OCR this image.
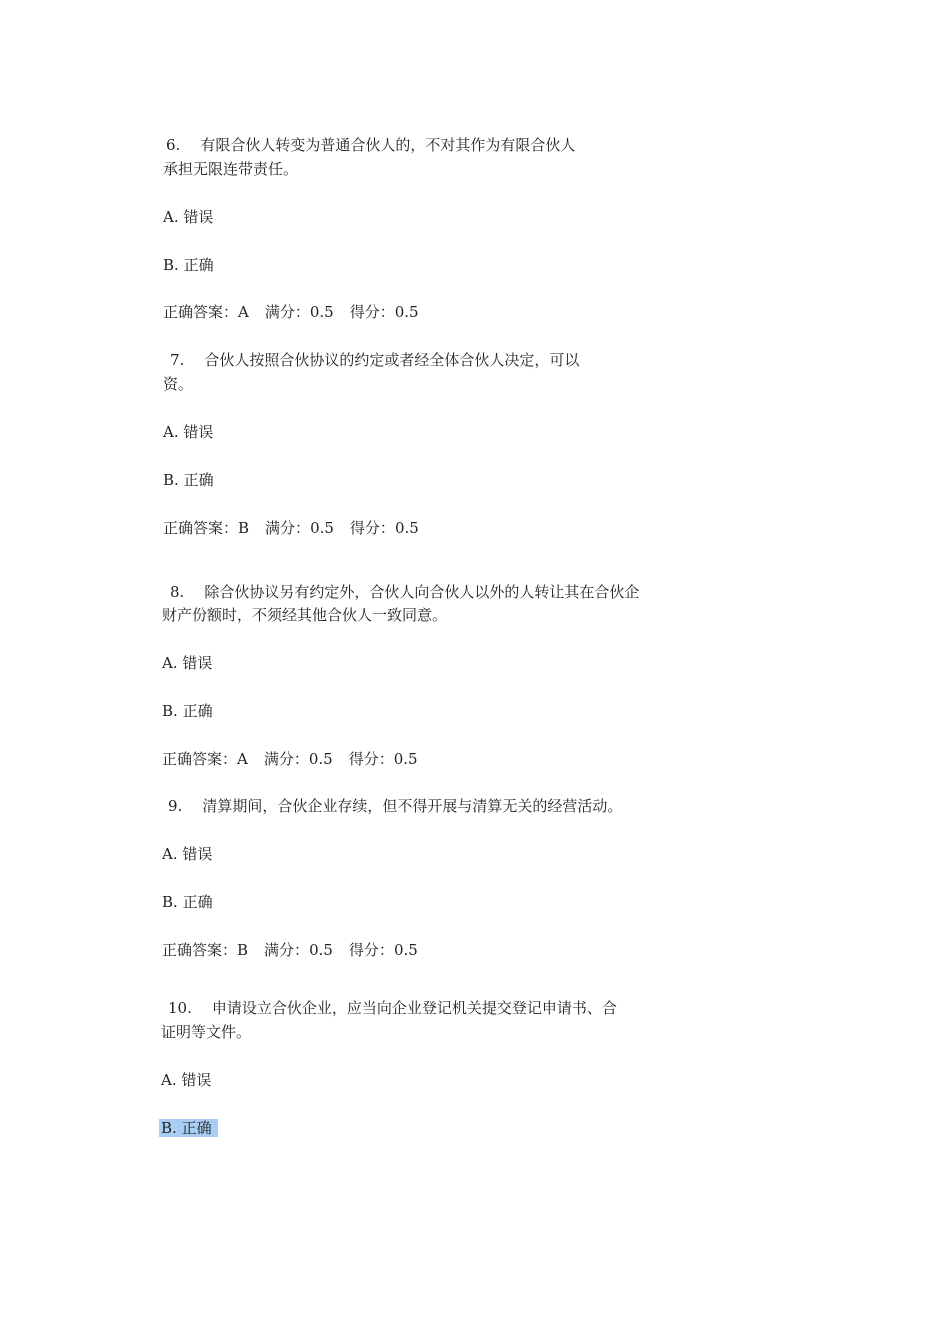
6. 有限合伙人转变为普通合伙人的，不对其作为有限合伙人
承担无限连带责任。
A. 错误
B. 正确
正确答案：A 满分：0.5 得分：0.5
7. 合伙人按照合伙协议的约定或者经全体合伙人决定，可以
资。
A. 错误
B. 正确
正确答案：B 满分：0.5 得分：0.5
8. 除合伙协议另有约定外，合伙人向合伙人以外的人转让其在合伙企
财产份额时，不须经其他合伙人一致同意。
A. 错误
B. 正确
正确答案：A 满分：0.5 得分：0.5
9. 清算期间，合伙企业存续，但不得开展与清算无关的经营活动。
A. 错误
B. 正确
正确答案：B 满分：0.5 得分：0.5
10. 申请设立合伙企业，应当向企业登记机关提交登记申请书、合
证明等文件。
A. 错误
B. 正确
